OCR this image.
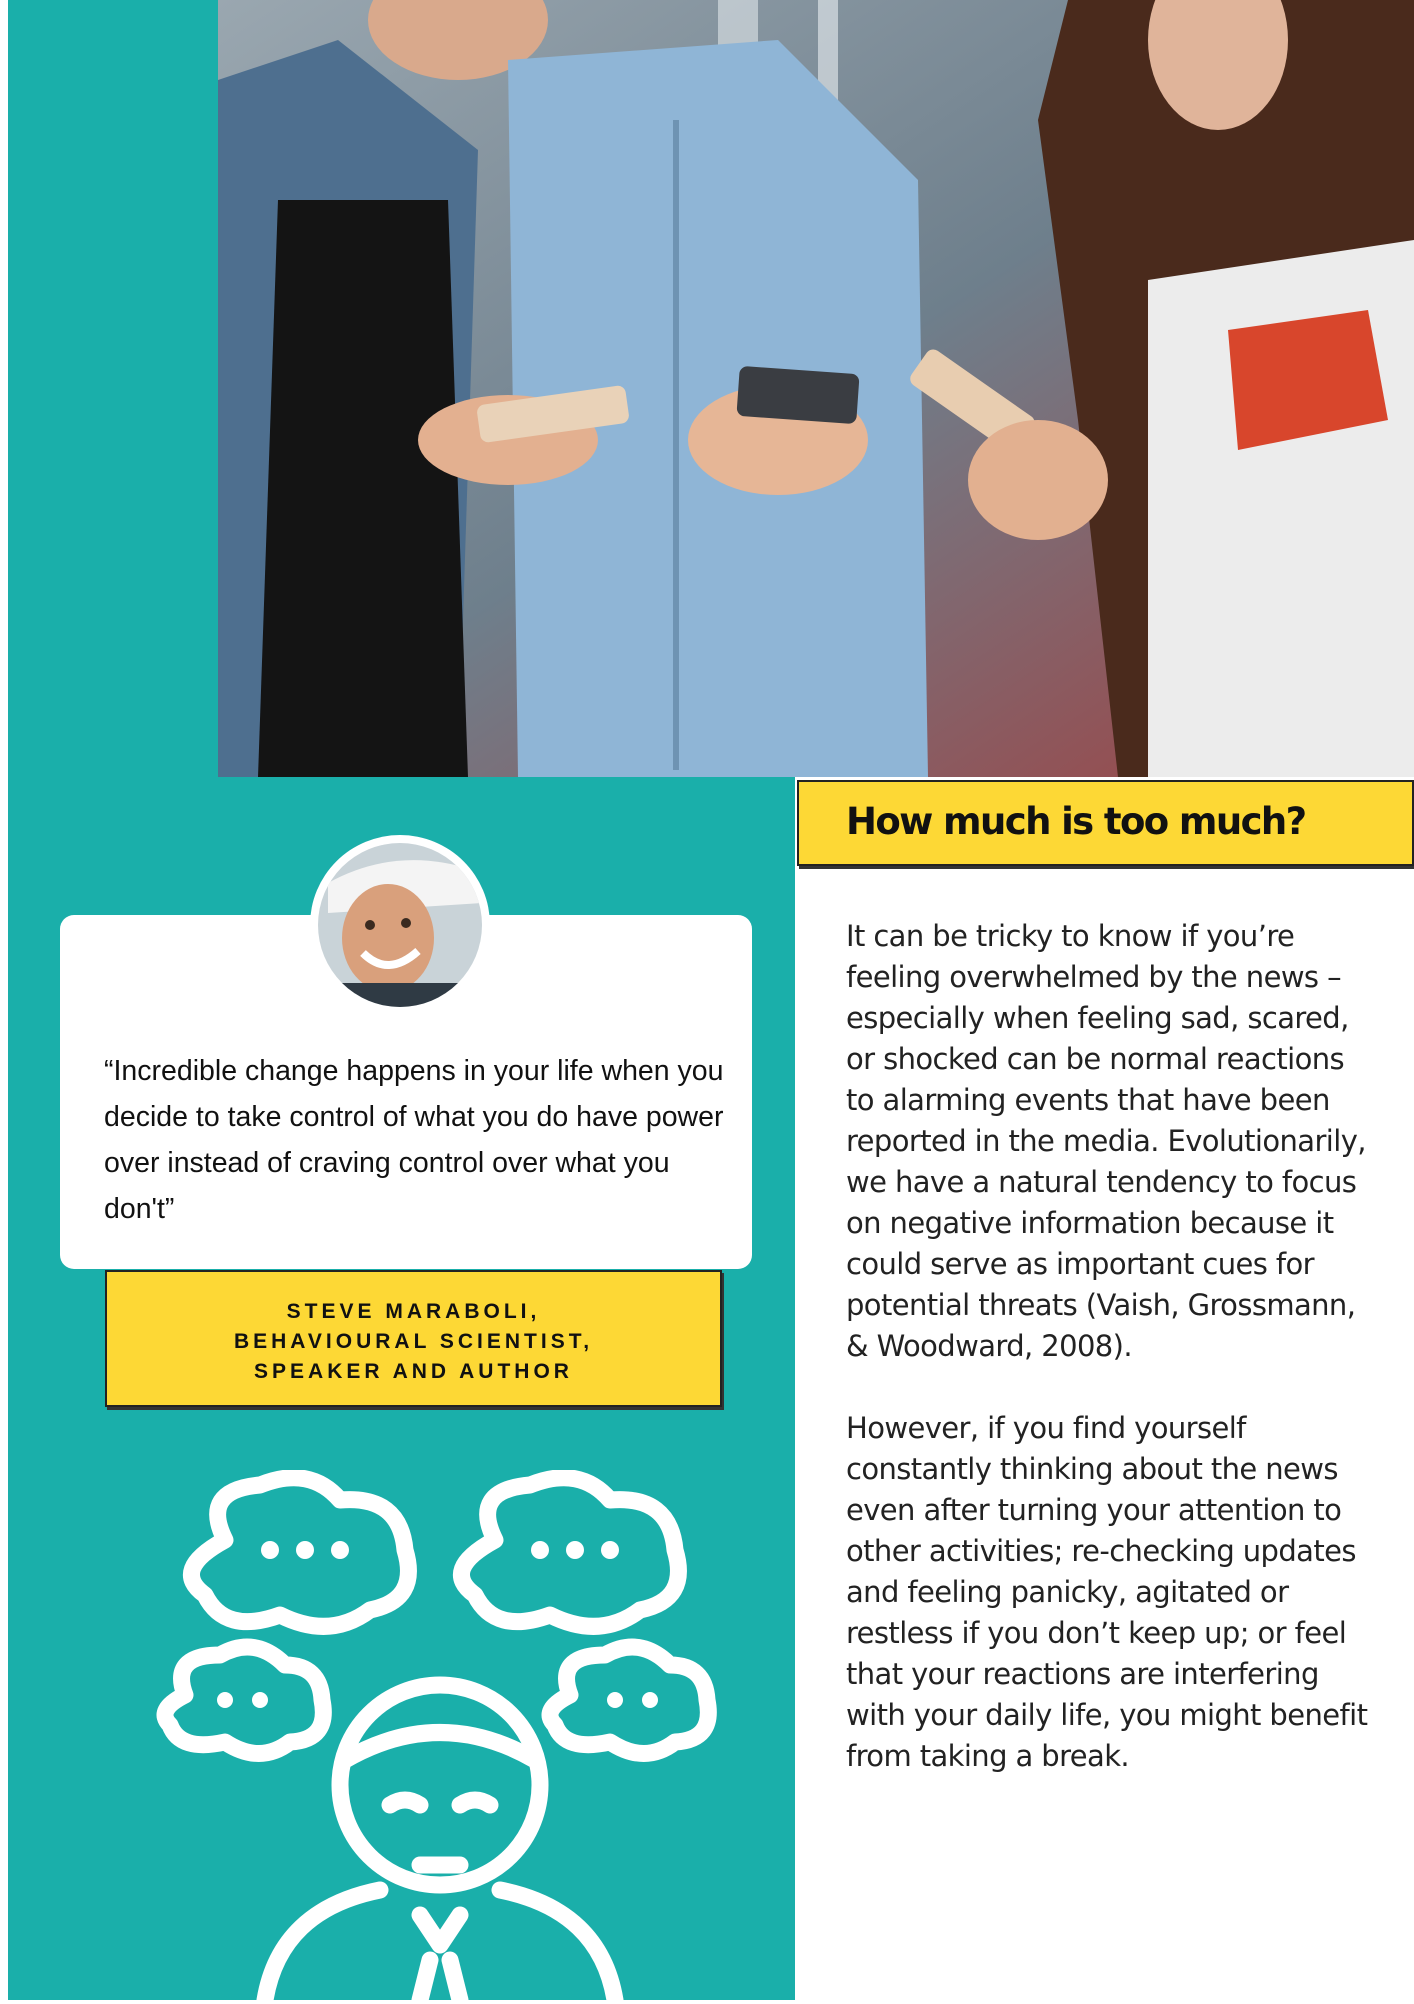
How much is too much?

It can be tricky to know if you’re feeling overwhelmed by the news – especially when feeling sad, scared, or shocked can be normal reactions to alarming events that have been reported in the media. Evolutionarily, we have a natural tendency to focus on negative information because it could serve as important cues for potential threats (Vaish, Grossmann, & Woodward, 2008).

However, if you find yourself constantly thinking about the news even after turning your attention to other activities; re-checking updates and feeling panicky, agitated or restless if you don’t keep up; or feel that your reactions are interfering with your daily life, you might benefit from taking a break.

“Incredible change happens in your life when you decide to take control of what you do have power over instead of craving control over what you don't”

STEVE MARABOLI,
BEHAVIOURAL SCIENTIST,
SPEAKER AND AUTHOR
